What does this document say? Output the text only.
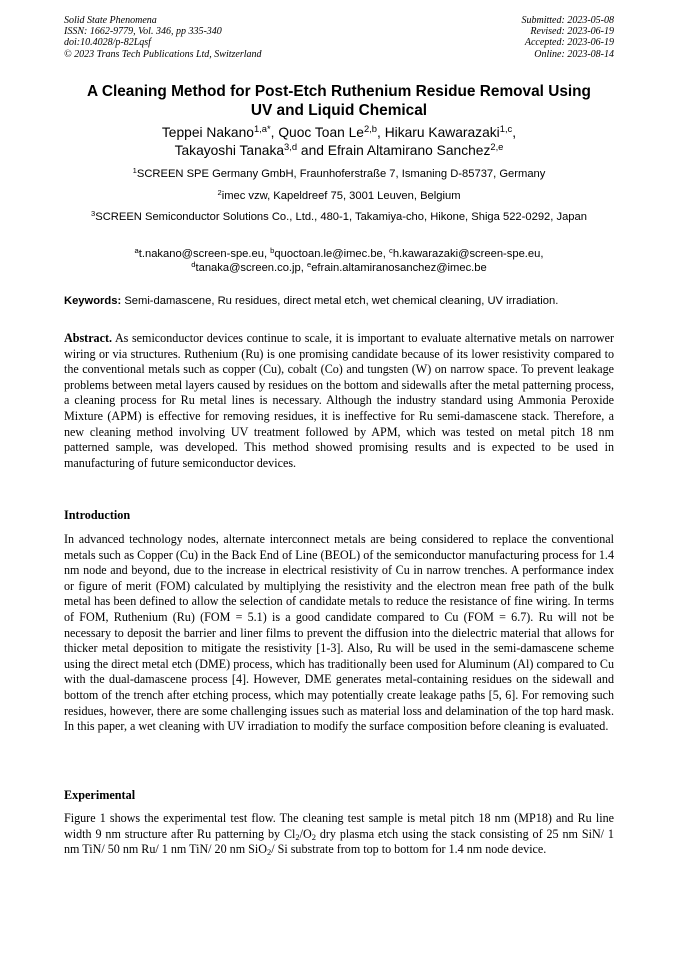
Solid State Phenomena
ISSN: 1662-9779, Vol. 346, pp 335-340
doi:10.4028/p-82Lqsf
© 2023 Trans Tech Publications Ltd, Switzerland
Submitted: 2023-05-08
Revised: 2023-06-19
Accepted: 2023-06-19
Online: 2023-08-14
A Cleaning Method for Post-Etch Ruthenium Residue Removal Using
UV and Liquid Chemical
Teppei Nakano$^{1,a*}$, Quoc Toan Le$^{2,b}$, Hikaru Kawarazaki$^{1,c}$,
Takayoshi Tanaka$^{3,d}$ and Efrain Altamirano Sanchez$^{2,e}$
$^1$SCREEN SPE Germany GmbH, Fraunhoferstraße 7, Ismaning D-85737, Germany
$^2$imec vzw, Kapeldreef 75, 3001 Leuven, Belgium
$^3$SCREEN Semiconductor Solutions Co., Ltd., 480-1, Takamiya-cho, Hikone, Shiga 522-0292, Japan
$^a$t.nakano@screen-spe.eu, $^b$quoctoan.le@imec.be, $^c$h.kawarazaki@screen-spe.eu,
$^d$tanaka@screen.co.jp, $^e$efrain.altamiranosanchez@imec.be
Keywords: Semi-damascene, Ru residues, direct metal etch, wet chemical cleaning, UV irradiation.
Abstract. As semiconductor devices continue to scale, it is important to evaluate alternative metals on narrower wiring or via structures. Ruthenium (Ru) is one promising candidate because of its lower resistivity compared to the conventional metals such as copper (Cu), cobalt (Co) and tungsten (W) on narrow space. To prevent leakage problems between metal layers caused by residues on the bottom and sidewalls after the metal patterning process, a cleaning process for Ru metal lines is necessary. Although the industry standard using Ammonia Peroxide Mixture (APM) is effective for removing residues, it is ineffective for Ru semi-damascene stack. Therefore, a new cleaning method involving UV treatment followed by APM, which was tested on metal pitch 18 nm patterned sample, was developed. This method showed promising results and is expected to be used in manufacturing of future semiconductor devices.
Introduction
In advanced technology nodes, alternate interconnect metals are being considered to replace the conventional metals such as Copper (Cu) in the Back End of Line (BEOL) of the semiconductor manufacturing process for 1.4 nm node and beyond, due to the increase in electrical resistivity of Cu in narrow trenches. A performance index or figure of merit (FOM) calculated by multiplying the resistivity and the electron mean free path of the bulk metal has been defined to allow the selection of candidate metals to reduce the resistance of fine wiring. In terms of FOM, Ruthenium (Ru) (FOM = 5.1) is a good candidate compared to Cu (FOM = 6.7). Ru will not be necessary to deposit the barrier and liner films to prevent the diffusion into the dielectric material that allows for thicker metal deposition to mitigate the resistivity [1-3]. Also, Ru will be used in the semi-damascene scheme using the direct metal etch (DME) process, which has traditionally been used for Aluminum (Al) compared to Cu with the dual-damascene process [4]. However, DME generates metal-containing residues on the sidewall and bottom of the trench after etching process, which may potentially create leakage paths [5, 6]. For removing such residues, however, there are some challenging issues such as material loss and delamination of the top hard mask. In this paper, a wet cleaning with UV irradiation to modify the surface composition before cleaning is evaluated.
Experimental
Figure 1 shows the experimental test flow. The cleaning test sample is metal pitch 18 nm (MP18) and Ru line width 9 nm structure after Ru patterning by $Cl_2/O_2$ dry plasma etch using the stack consisting of 25 nm SiN/ 1 nm TiN/ 50 nm Ru/ 1 nm TiN/ 20 nm SiO$_2$/ Si substrate from top to bottom for 1.4 nm node device.
